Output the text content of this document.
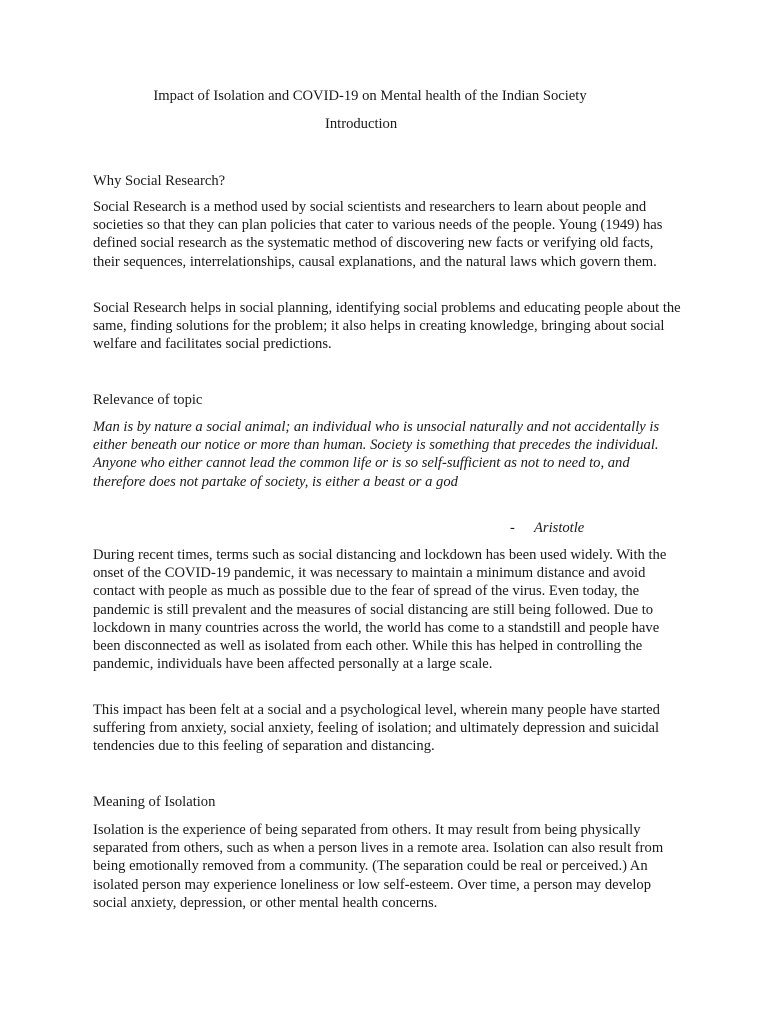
Impact of Isolation and COVID-19 on Mental health of the Indian Society
Introduction
Why Social Research?

Social Research is a method used by social scientists and researchers to learn about people and societies so that they can plan policies that cater to various needs of the people. Young (1949) has defined social research as the systematic method of discovering new facts or verifying old facts, their sequences, interrelationships, causal explanations, and the natural laws which govern them.

Social Research helps in social planning, identifying social problems and educating people about the same, finding solutions for the problem; it also helps in creating knowledge, bringing about social welfare and facilitates social predictions.

Relevance of topic

Man is by nature a social animal; an individual who is unsocial naturally and not accidentally is either beneath our notice or more than human. Society is something that precedes the individual. Anyone who either cannot lead the common life or is so self-sufficient as not to need to, and therefore does not partake of society, is either a beast or a god

- Aristotle

During recent times, terms such as social distancing and lockdown has been used widely. With the onset of the COVID-19 pandemic, it was necessary to maintain a minimum distance and avoid contact with people as much as possible due to the fear of spread of the virus. Even today, the pandemic is still prevalent and the measures of social distancing are still being followed. Due to lockdown in many countries across the world, the world has come to a standstill and people have been disconnected as well as isolated from each other. While this has helped in controlling the pandemic, individuals have been affected personally at a large scale.

This impact has been felt at a social and a psychological level, wherein many people have started suffering from anxiety, social anxiety, feeling of isolation; and ultimately depression and suicidal tendencies due to this feeling of separation and distancing.

Meaning of Isolation

Isolation is the experience of being separated from others. It may result from being physically separated from others, such as when a person lives in a remote area. Isolation can also result from being emotionally removed from a community. (The separation could be real or perceived.) An isolated person may experience loneliness or low self-esteem. Over time, a person may develop social anxiety, depression, or other mental health concerns.
